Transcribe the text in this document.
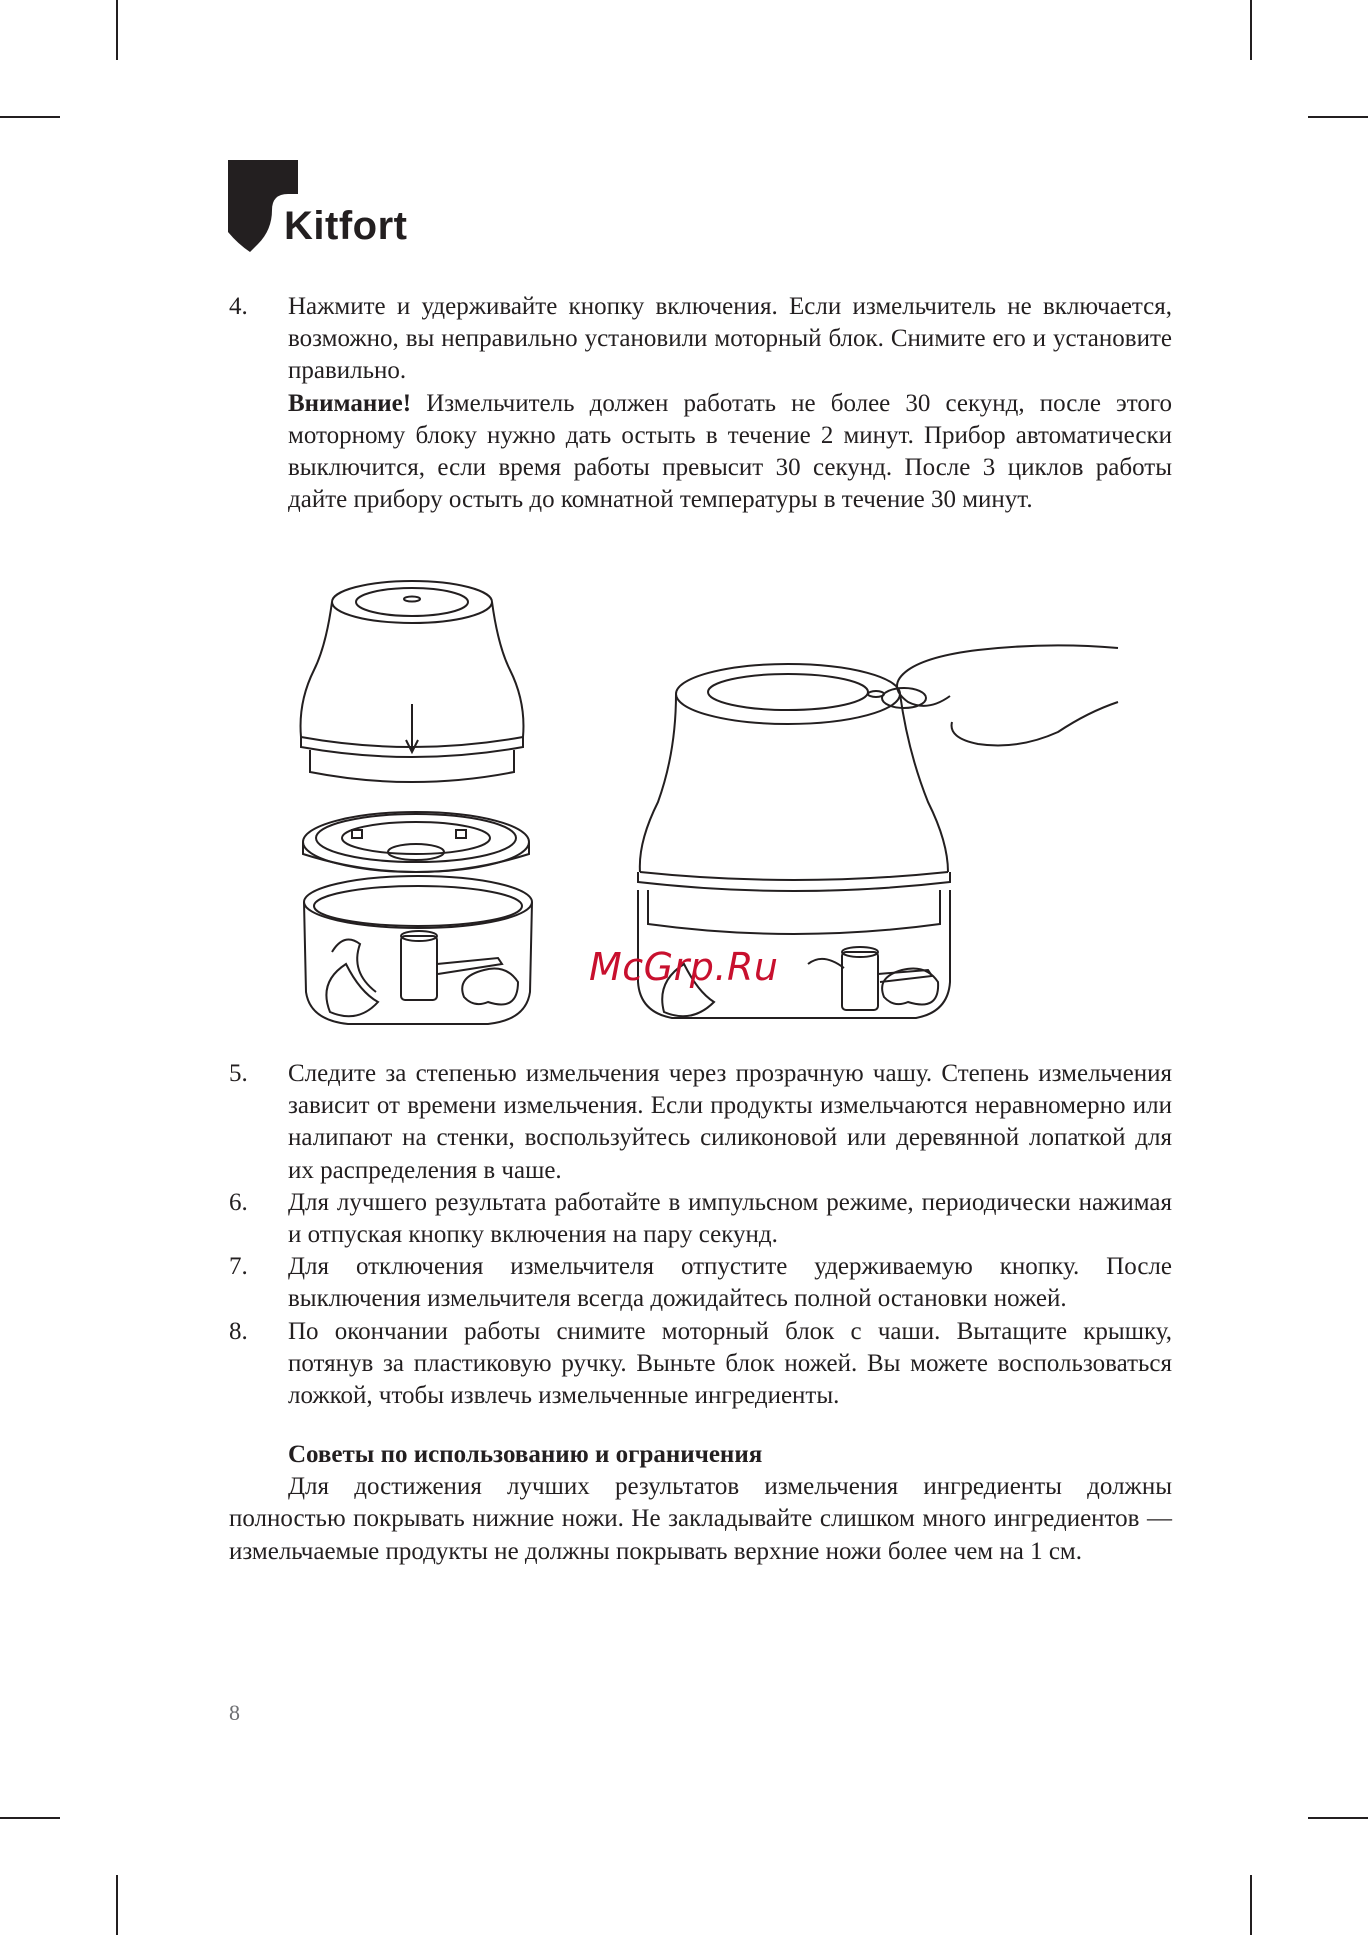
Kitfort
4. Нажмите и удерживайте кнопку включения. Если измельчитель не включается, возможно, вы неправильно установили моторный блок. Снимите его и установите правильно.
Внимание! Измельчитель должен работать не более 30 секунд, после этого моторному блоку нужно дать остыть в течение 2 минут. Прибор автоматически выключится, если время работы превысит 30 секунд. После 3 циклов работы дайте прибору остыть до комнатной температуры в течение 30 минут.
McGrp.Ru
5. Следите за степенью измельчения через прозрачную чашу. Степень измельчения зависит от времени измельчения. Если продукты измельчаются неравномерно или налипают на стенки, воспользуйтесь силиконовой или деревянной лопаткой для их распределения в чаше.
6. Для лучшего результата работайте в импульсном режиме, периодически нажимая и отпуская кнопку включения на пару секунд.
7. Для отключения измельчителя отпустите удерживаемую кнопку. После выключения измельчителя всегда дожидайтесь полной остановки ножей.
8. По окончании работы снимите моторный блок с чаши. Вытащите крышку, потянув за пластиковую ручку. Выньте блок ножей. Вы можете воспользоваться ложкой, чтобы извлечь измельченные ингредиенты.
Советы по использованию и ограничения

Для достижения лучших результатов измельчения ингредиенты должны полностью покрывать нижние ножи. Не закладывайте слишком много ингредиентов — измельчаемые продукты не должны покрывать верхние ножи более чем на 1 см.

8
